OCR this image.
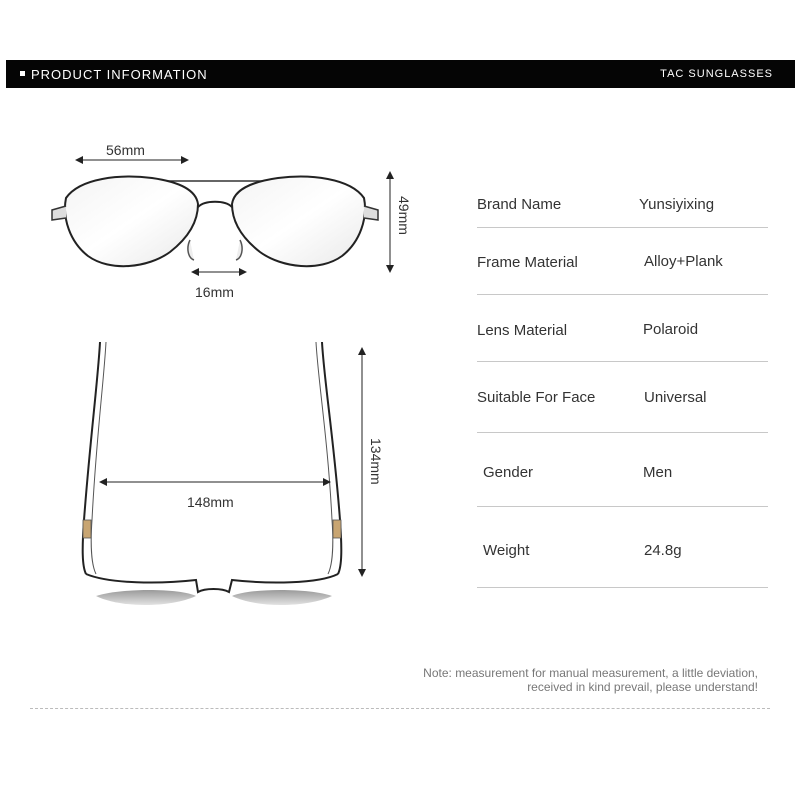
PRODUCT INFORMATION	TAC SUNGLASSES
56mm
16mm
49mm
148mm
134mm
Brand Name	Yunsiyixing
Frame Material	Alloy+Plank
Lens Material	Polaroid
Suitable For Face	Universal
Gender	Men
Weight	24.8g
Note: measurement for manual measurement, a little deviation,
received in kind prevail, please understand!
